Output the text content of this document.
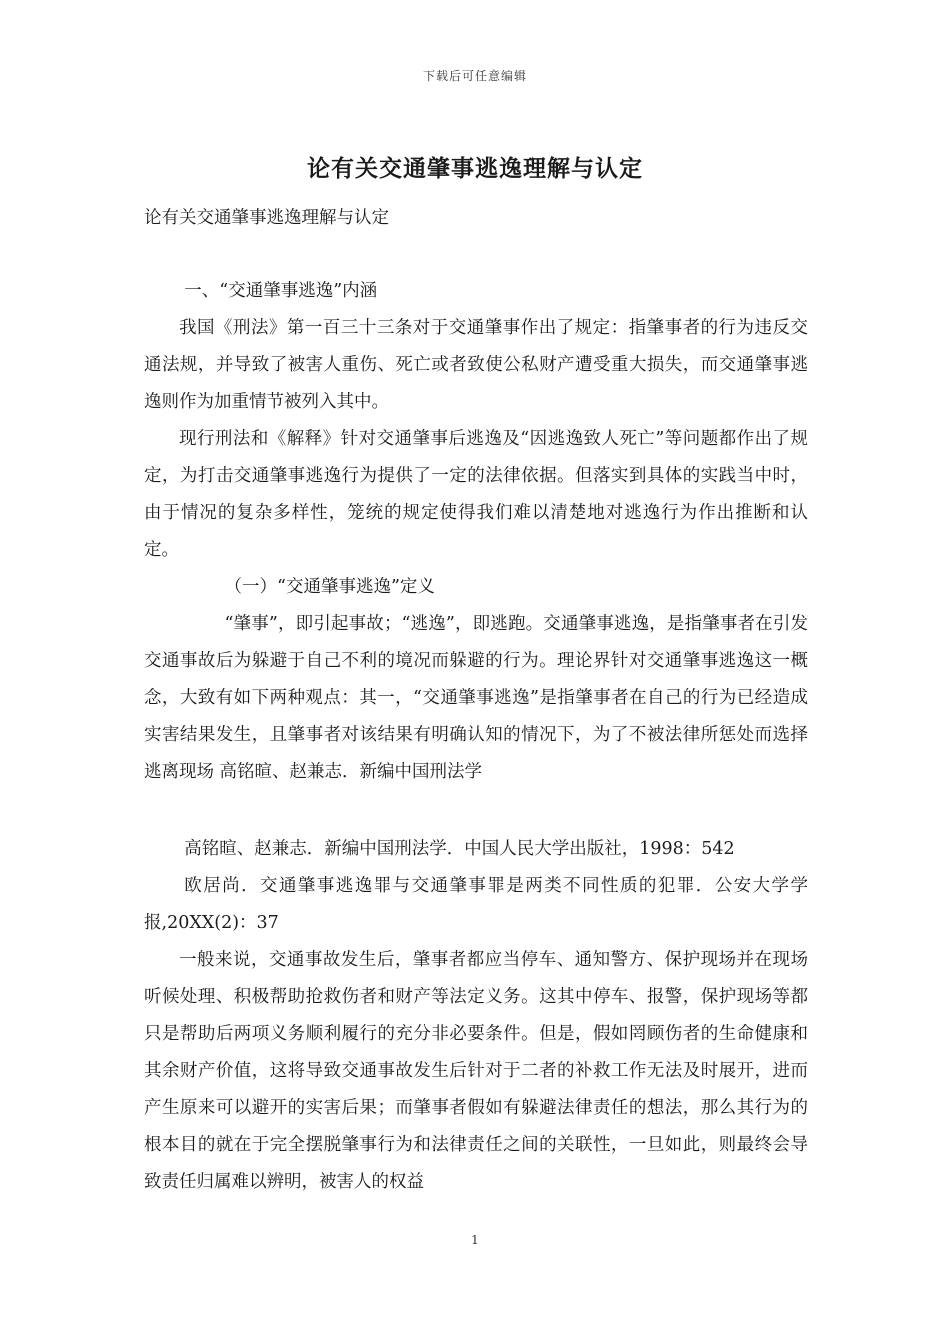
下载后可任意编辑
论有关交通肇事逃逸理解与认定

论有关交通肇事逃逸理解与认定

一、“交通肇事逃逸”内涵

我国《刑法》第一百三十三条对于交通肇事作出了规定：指肇事者的行为违反交通法规，并导致了被害人重伤、死亡或者致使公私财产遭受重大损失，而交通肇事逃逸则作为加重情节被列入其中。

现行刑法和《解释》针对交通肇事后逃逸及“因逃逸致人死亡”等问题都作出了规定，为打击交通肇事逃逸行为提供了一定的法律依据。但落实到具体的实践当中时，由于情况的复杂多样性，笼统的规定使得我们难以清楚地对逃逸行为作出推断和认定。

（一）“交通肇事逃逸”定义

“肇事”，即引起事故；“逃逸”，即逃跑。交通肇事逃逸，是指肇事者在引发交通事故后为躲避于自己不利的境况而躲避的行为。理论界针对交通肇事逃逸这一概念，大致有如下两种观点：其一，“交通肇事逃逸”是指肇事者在自己的行为已经造成实害结果发生，且肇事者对该结果有明确认知的情况下，为了不被法律所惩处而选择逃离现场 高铭暄、赵兼志．新编中国刑法学

高铭暄、赵兼志．新编中国刑法学．中国人民大学出版社，1998：542

欧居尚．交通肇事逃逸罪与交通肇事罪是两类不同性质的犯罪．公安大学学报,20XX(2)：37

一般来说，交通事故发生后，肇事者都应当停车、通知警方、保护现场并在现场听候处理、积极帮助抢救伤者和财产等法定义务。这其中停车、报警，保护现场等都只是帮助后两项义务顺利履行的充分非必要条件。但是，假如罔顾伤者的生命健康和其余财产价值，这将导致交通事故发生后针对于二者的补救工作无法及时展开，进而产生原来可以避开的实害后果；而肇事者假如有躲避法律责任的想法，那么其行为的根本目的就在于完全摆脱肇事行为和法律责任之间的关联性，一旦如此，则最终会导致责任归属难以辨明，被害人的权益

1
